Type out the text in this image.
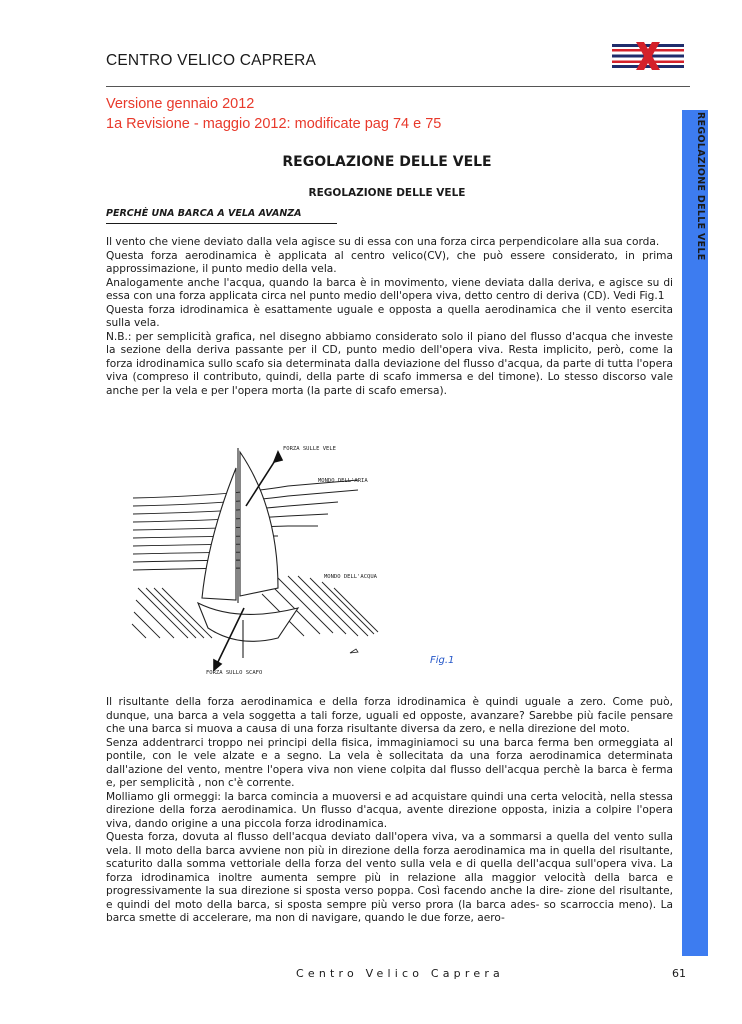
CENTRO VELICO CAPRERA
Versione gennaio 2012
1a Revisione - maggio 2012: modificate pag 74 e 75	REGOLAZIONE DELLE VELE
REGOLAZIONE DELLE VELE
REGOLAZIONE DELLE VELE
PERCHÈ UNA BARCA A VELA AVANZA

Il vento che viene deviato dalla vela agisce su di essa con una forza circa perpendicolare alla sua corda.

Questa forza aerodinamica è applicata al centro velico(CV), che può essere considerato, in prima approssimazione, il punto medio della vela.

Analogamente anche l'acqua, quando la barca è in movimento, viene deviata dalla deriva, e agisce su di essa con una forza applicata circa nel punto medio dell'opera viva, detto centro di deriva (CD). Vedi Fig.1

Questa forza idrodinamica è esattamente uguale e opposta a quella aerodinamica che il vento esercita sulla vela.

N.B.: per semplicità grafica, nel disegno abbiamo considerato solo il piano del flusso d'acqua che investe la sezione della deriva passante per il CD, punto medio dell'opera viva. Resta implicito, però, come la forza idrodinamica sullo scafo sia determinata dalla deviazione del flusso d'acqua, da parte di tutta l'opera viva (compreso il contributo, quindi, della parte di scafo immersa e del timone). Lo stesso discorso vale anche per la vela e per l'opera morta (la parte di scafo emersa).

FORZA SULLE VELE
MONDO DELL'ARIA
MONDO DELL'ACQUA
FORZA SULLO SCAFO
Fig.1

Il risultante della forza aerodinamica e della forza idrodinamica è quindi uguale a zero. Come può, dunque, una barca a vela soggetta a tali forze, uguali ed opposte, avanzare? Sarebbe più facile pensare che una barca si muova a causa di una forza risultante diversa da zero, e nella direzione del moto.

Senza addentrarci troppo nei principi della fisica, immaginiamoci su una barca ferma ben ormeggiata al pontile, con le vele alzate e a segno. La vela è sollecitata da una forza aerodinamica determinata dall'azione del vento, mentre l'opera viva non viene colpita dal flusso dell'acqua perchè la barca è ferma e, per semplicità , non c'è corrente.

Molliamo gli ormeggi: la barca comincia a muoversi e ad acquistare quindi una certa velocità, nella stessa direzione della forza aerodinamica. Un flusso d'acqua, avente direzione opposta, inizia a colpire l'opera viva, dando origine a una piccola forza idrodinamica.

Questa forza, dovuta al flusso dell'acqua deviato dall'opera viva, va a sommarsi a quella del vento sulla vela. Il moto della barca avviene non più in direzione della forza aerodinamica ma in quella del risultante, scaturito dalla somma vettoriale della forza del vento sulla vela e di quella dell'acqua sull'opera viva. La forza idrodinamica inoltre aumenta sempre più in relazione alla maggior velocità della barca e progressivamente la sua direzione si sposta verso poppa. Così facendo anche la dire- zione del risultante, e quindi del moto della barca, si sposta sempre più verso prora (la barca ades- so scarroccia meno). La barca smette di accelerare, ma non di navigare, quando le due forze, aero-

Centro Velico Caprera	61
